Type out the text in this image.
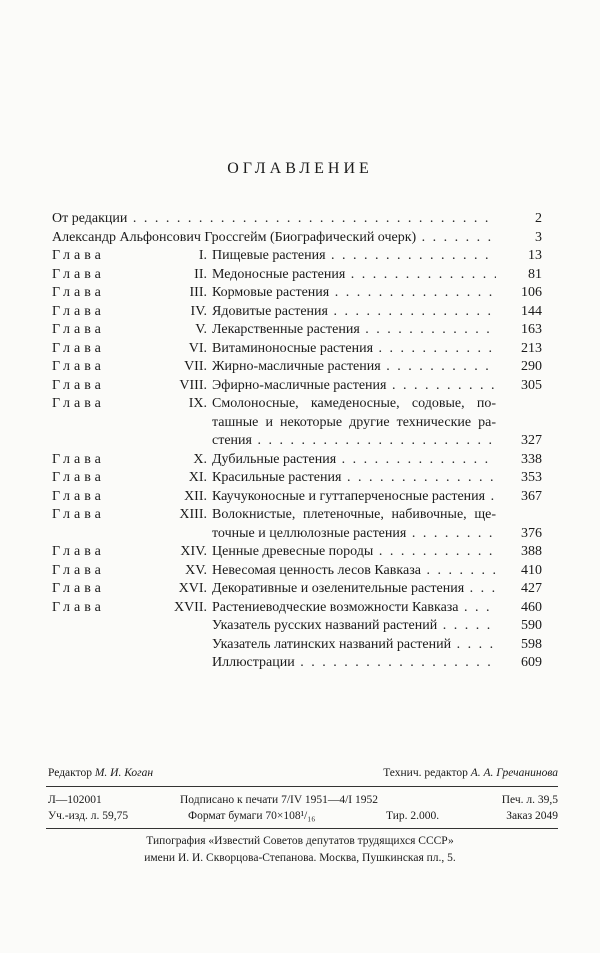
ОГЛАВЛЕНИЕ
От редакции . . .	2
Александр Альфонсович Гроссгейм (Биографический очерк) . . .	3
Глава	I. Пищевые растения . . .	13
Глава	II. Медоносные растения . . .	81
Глава	III. Кормовые растения . . .	106
Глава	IV. Ядовитые растения . . .	144
Глава	V. Лекарственные растения . . .	163
Глава	VI. Витаминоносные растения . . .	213
Глава	VII. Жирно-масличные растения . . .	290
Глава	VIII. Эфирно-масличные растения . . .	305
Глава	IX. Смолоносные, камеденосные, содовые, по-
ташные и некоторые другие технические ра-
стения . . .	327
Глава	X. Дубильные растения . . .	338
Глава	XI. Красильные растения . . .	353
Глава	XII. Каучуконосные и гуттаперченосные растения . . .	367
Глава	XIII. Волокнистые, плетеночные, набивочные, ще-
точные и целлюлозные растения . . .	376
Глава	XIV. Ценные древесные породы . . .	388
Глава	XV. Невесомая ценность лесов Кавказа . . .	410
Глава	XVI. Декоративные и озеленительные растения . . .	427
Глава	XVII. Растениеводческие возможности Кавказа . . .	460
Указатель русских названий растений . . .	590
Указатель латинских названий растений . . .	598
Иллюстрации . . .	609
Редактор М. И. Коган	Технич. редактор А. А. Гречанинова
Л—102001	Подписано к печати 7/IV 1951—4/I 1952	Печ. л. 39,5
Уч.-изд. л. 59,75	Формат бумаги 70×108¹/₁₆	Тир. 2.000.	Заказ 2049
Типография «Известий Советов депутатов трудящихся СССР»
имени И. И. Скворцова-Степанова. Москва, Пушкинская пл., 5.
